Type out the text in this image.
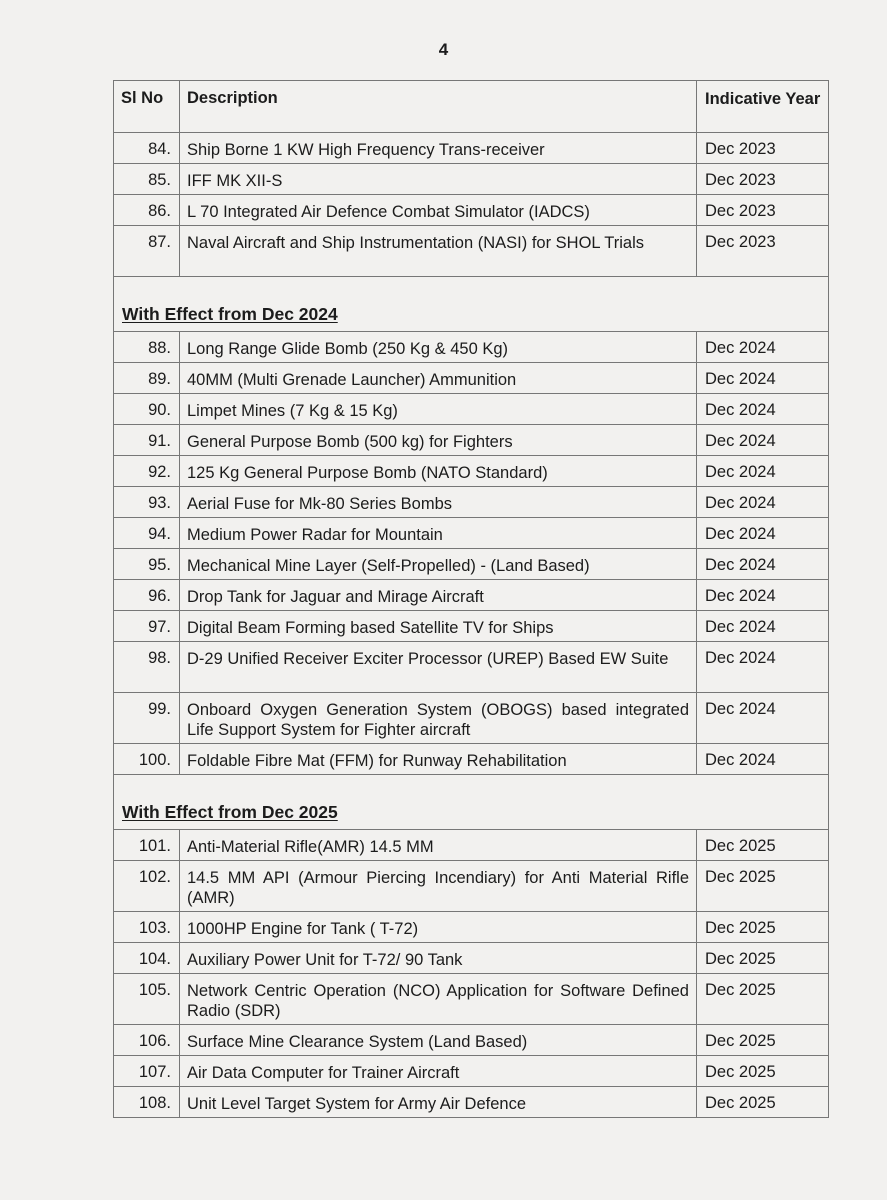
4
Sl No	Description	Indicative Year
84.	Ship Borne 1 KW High Frequency Trans-receiver	Dec 2023
85.	IFF MK XII-S	Dec 2023
86.	L 70 Integrated Air Defence Combat Simulator (IADCS)	Dec 2023
87.	Naval Aircraft and Ship Instrumentation (NASI) for SHOL Trials	Dec 2023
With Effect from Dec 2024		
88.	Long Range Glide Bomb (250 Kg & 450 Kg)	Dec 2024
89.	40MM (Multi Grenade Launcher) Ammunition	Dec 2024
90.	Limpet Mines (7 Kg & 15 Kg)	Dec 2024
91.	General Purpose Bomb (500 kg) for Fighters	Dec 2024
92.	125 Kg General Purpose Bomb (NATO Standard)	Dec 2024
93.	Aerial Fuse for Mk-80 Series Bombs	Dec 2024
94.	Medium Power Radar for Mountain	Dec 2024
95.	Mechanical Mine Layer (Self-Propelled) - (Land Based)	Dec 2024
96.	Drop Tank for Jaguar and Mirage Aircraft	Dec 2024
97.	Digital Beam Forming based Satellite TV for Ships	Dec 2024
98.	D-29 Unified Receiver Exciter Processor (UREP) Based EW Suite	Dec 2024
99.	Onboard Oxygen Generation System (OBOGS) based integrated Life Support System for Fighter aircraft	Dec 2024
100.	Foldable Fibre Mat (FFM) for Runway Rehabilitation	Dec 2024
With Effect from Dec 2025		
101.	Anti-Material Rifle(AMR) 14.5 MM	Dec 2025
102.	14.5 MM API (Armour Piercing Incendiary) for Anti Material Rifle (AMR)	Dec 2025
103.	1000HP Engine for Tank ( T-72)	Dec 2025
104.	Auxiliary Power Unit for T-72/ 90 Tank	Dec 2025
105.	Network Centric Operation (NCO) Application for Software Defined Radio (SDR)	Dec 2025
106.	Surface Mine Clearance System (Land Based)	Dec 2025
107.	Air Data Computer for Trainer Aircraft	Dec 2025
108.	Unit Level Target System for Army Air Defence	Dec 2025
